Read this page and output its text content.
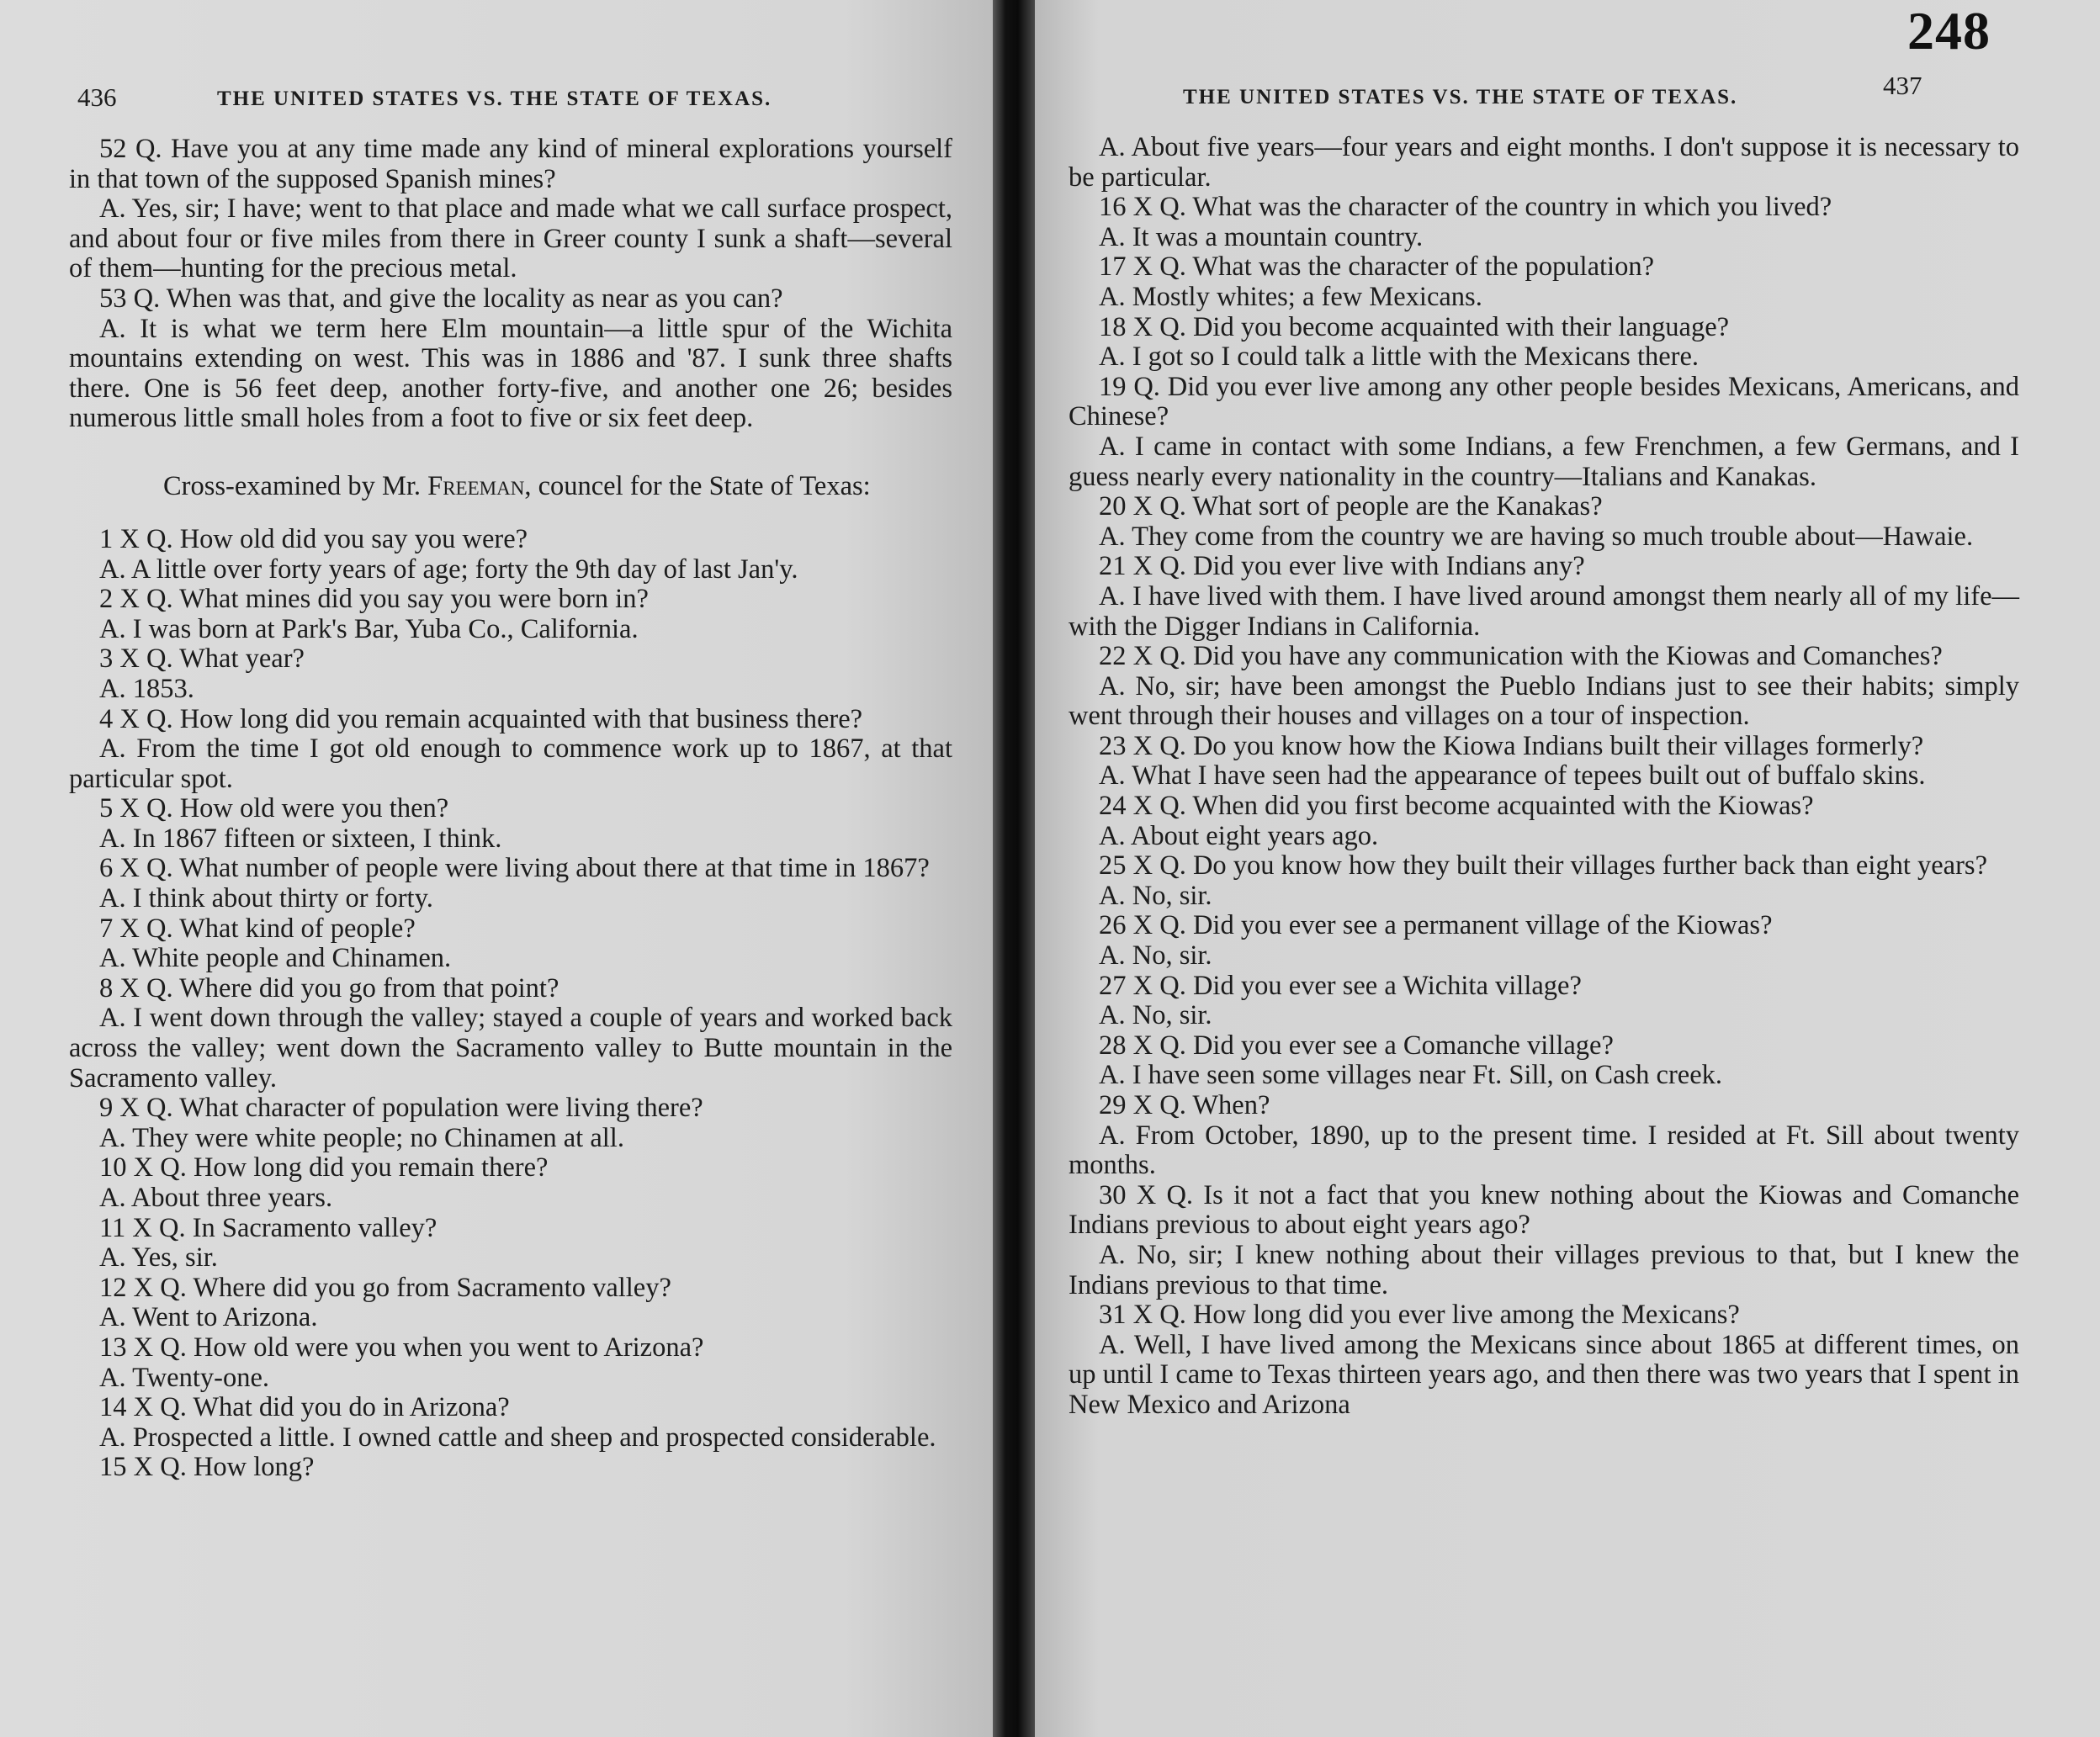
436	THE UNITED STATES VS. THE STATE OF TEXAS.

52 Q. Have you at any time made any kind of mineral explorations yourself in that town of the supposed Spanish mines?

A. Yes, sir; I have; went to that place and made what we call surface prospect, and about four or five miles from there in Greer county I sunk a shaft—several of them—hunting for the precious metal.

53 Q. When was that, and give the locality as near as you can?

A. It is what we term here Elm mountain—a little spur of the Wichita mountains extending on west. This was in 1886 and '87. I sunk three shafts there. One is 56 feet deep, another forty-five, and another one 26; besides numerous little small holes from a foot to five or six feet deep.

Cross-examined by Mr. Freeman, councel for the State of Texas:

1 X Q. How old did you say you were?

A. A little over forty years of age; forty the 9th day of last Jan'y.

2 X Q. What mines did you say you were born in?

A. I was born at Park's Bar, Yuba Co., California.

3 X Q. What year?

A. 1853.

4 X Q. How long did you remain acquainted with that business there?

A. From the time I got old enough to commence work up to 1867, at that particular spot.

5 X Q. How old were you then?

A. In 1867 fifteen or sixteen, I think.

6 X Q. What number of people were living about there at that time in 1867?

A. I think about thirty or forty.

7 X Q. What kind of people?

A. White people and Chinamen.

8 X Q. Where did you go from that point?

A. I went down through the valley; stayed a couple of years and worked back across the valley; went down the Sacramento valley to Butte mountain in the Sacramento valley.

9 X Q. What character of population were living there?

A. They were white people; no Chinamen at all.

10 X Q. How long did you remain there?

A. About three years.

11 X Q. In Sacramento valley?

A. Yes, sir.

12 X Q. Where did you go from Sacramento valley?

A. Went to Arizona.

13 X Q. How old were you when you went to Arizona?

A. Twenty-one.

14 X Q. What did you do in Arizona?

A. Prospected a little. I owned cattle and sheep and prospected considerable.

15 X Q. How long?

248
THE UNITED STATES VS. THE STATE OF TEXAS.	437

A. About five years—four years and eight months. I don't suppose it is necessary to be particular.

16 X Q. What was the character of the country in which you lived?

A. It was a mountain country.

17 X Q. What was the character of the population?

A. Mostly whites; a few Mexicans.

18 X Q. Did you become acquainted with their language?

A. I got so I could talk a little with the Mexicans there.

19 Q. Did you ever live among any other people besides Mexicans, Americans, and Chinese?

A. I came in contact with some Indians, a few Frenchmen, a few Germans, and I guess nearly every nationality in the country—Italians and Kanakas.

20 X Q. What sort of people are the Kanakas?

A. They come from the country we are having so much trouble about—Hawaie.

21 X Q. Did you ever live with Indians any?

A. I have lived with them. I have lived around amongst them nearly all of my life—with the Digger Indians in California.

22 X Q. Did you have any communication with the Kiowas and Comanches?

A. No, sir; have been amongst the Pueblo Indians just to see their habits; simply went through their houses and villages on a tour of inspection.

23 X Q. Do you know how the Kiowa Indians built their villages formerly?

A. What I have seen had the appearance of tepees built out of buffalo skins.

24 X Q. When did you first become acquainted with the Kiowas?

A. About eight years ago.

25 X Q. Do you know how they built their villages further back than eight years?

A. No, sir.

26 X Q. Did you ever see a permanent village of the Kiowas?

A. No, sir.

27 X Q. Did you ever see a Wichita village?

A. No, sir.

28 X Q. Did you ever see a Comanche village?

A. I have seen some villages near Ft. Sill, on Cash creek.

29 X Q. When?

A. From October, 1890, up to the present time. I resided at Ft. Sill about twenty months.

30 X Q. Is it not a fact that you knew nothing about the Kiowas and Comanche Indians previous to about eight years ago?

A. No, sir; I knew nothing about their villages previous to that, but I knew the Indians previous to that time.

31 X Q. How long did you ever live among the Mexicans?

A. Well, I have lived among the Mexicans since about 1865 at different times, on up until I came to Texas thirteen years ago, and then there was two years that I spent in New Mexico and Arizona
